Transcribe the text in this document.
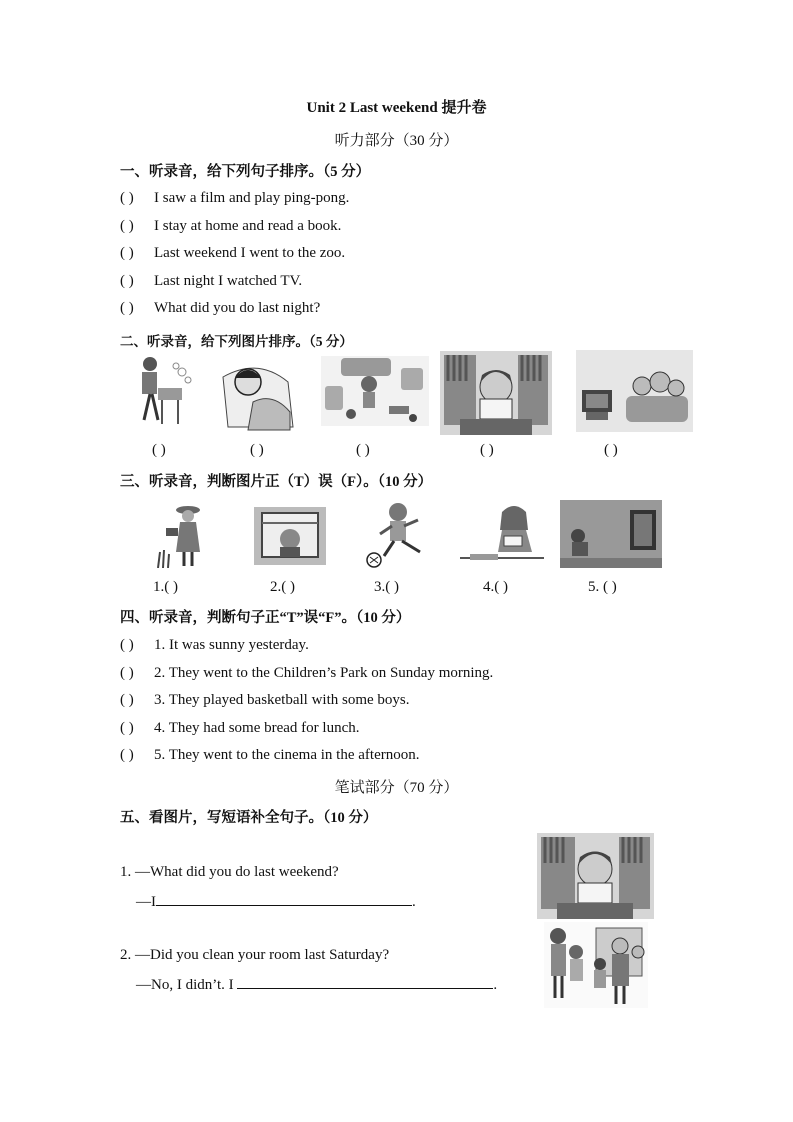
Unit 2 Last weekend 提升卷
听力部分（30 分）
一、听录音，给下列句子排序。（5 分）
( ) I saw a film and play ping-pong.
( ) I stay at home and read a book.
( ) Last weekend I went to the zoo.
( ) Last night I watched TV.
( ) What did you do last night?
二、听录音，给下列图片排序。（5 分）
( )	( )	( )	( )	( )
三、听录音，判断图片正（T）误（F）。（10 分）
1.( )	2.( )	3.( )	4.( )	5. ( )
四、听录音，判断句子正“T”误“F”。（10 分）
( ) 1. It was sunny yesterday.
( ) 2. They went to the Children’s Park on Sunday morning.
( ) 3. They played basketball with some boys.
( ) 4. They had some bread for lunch.
( ) 5. They went to the cinema in the afternoon.
笔试部分（70 分）
五、看图片，写短语补全句子。（10 分）
1. —What did you do last weekend?
—I	.
2. —Did you clean your room last Saturday?
—No, I didn’t. I	.
